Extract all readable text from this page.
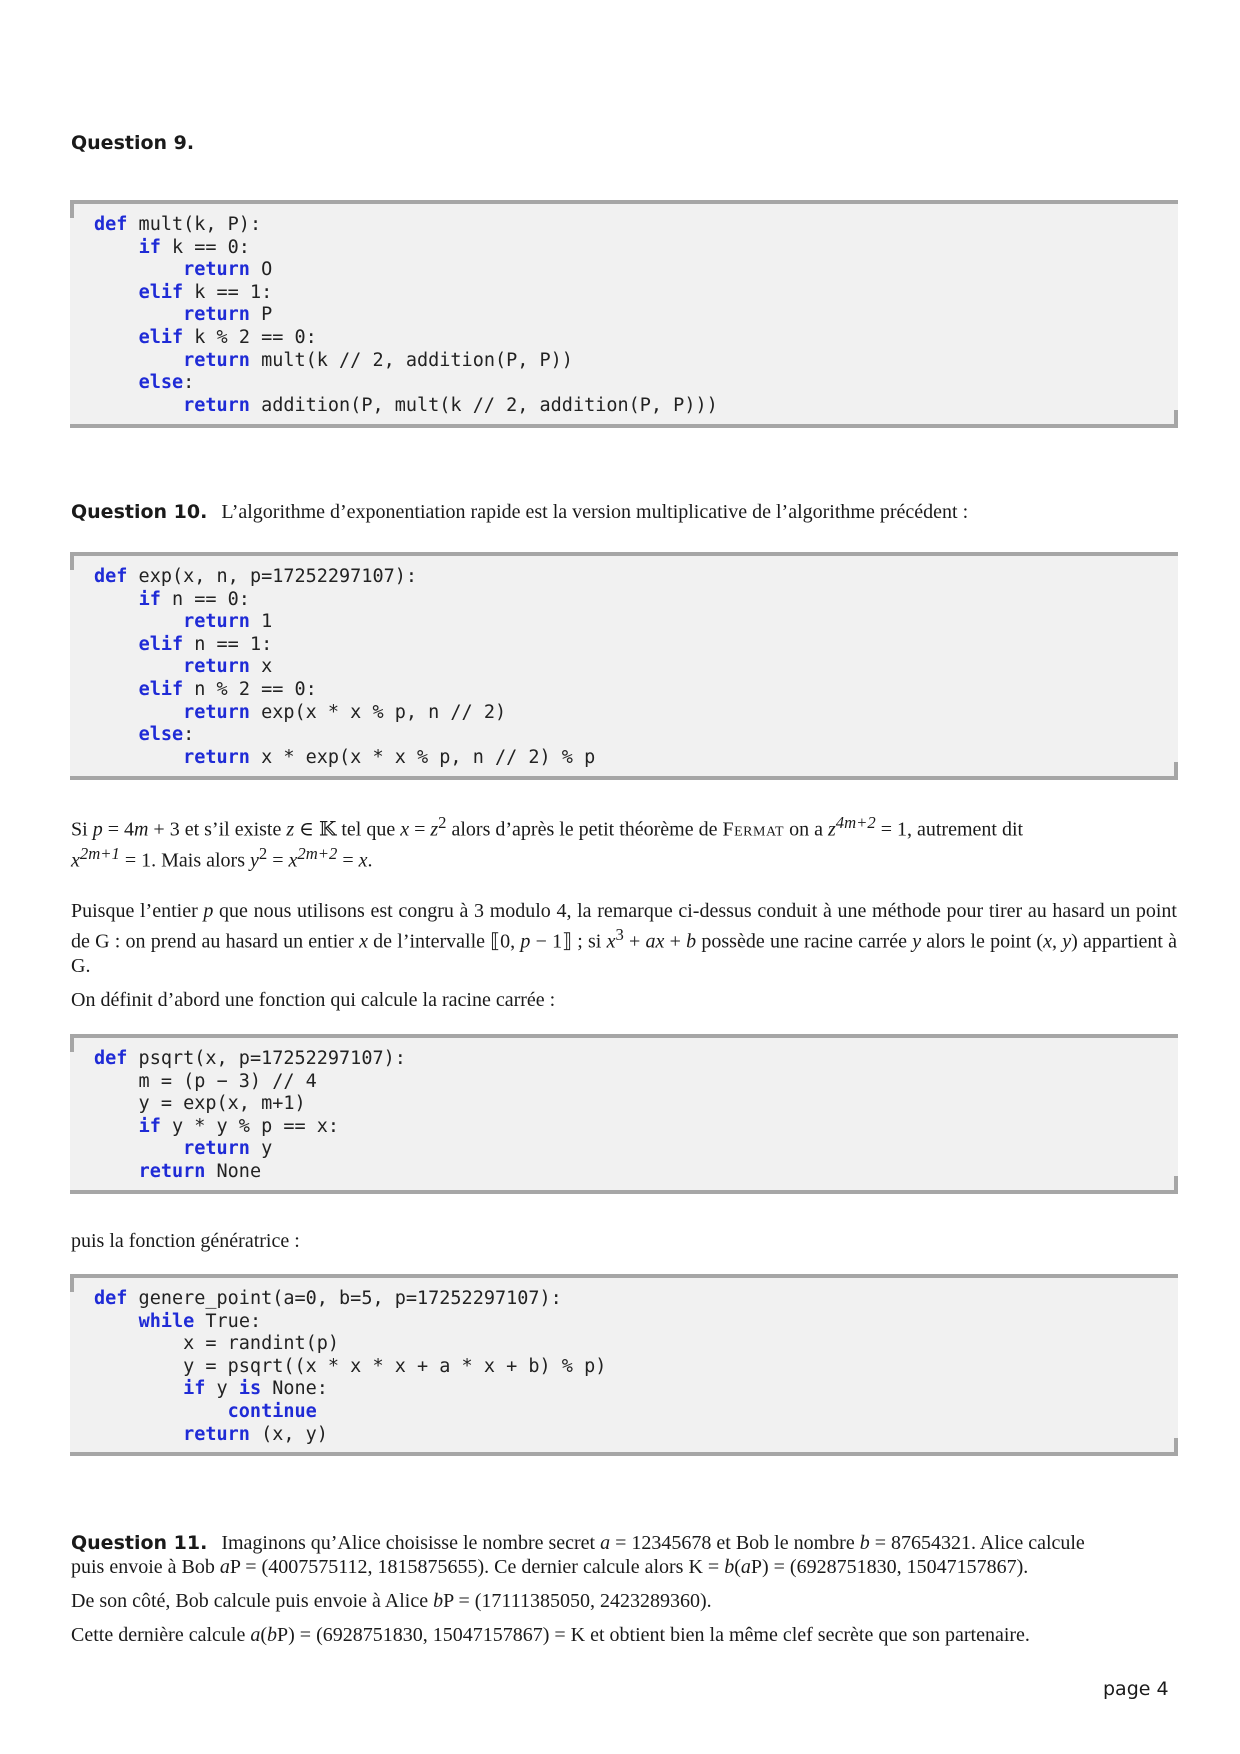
Question 9.
def mult(k, P):
if k == 0:
return O
elif k == 1:
return P
elif k % 2 == 0:
return mult(k // 2, addition(P, P))
else:
return addition(P, mult(k // 2, addition(P, P)))
Question 10. L’algorithme d’exponentiation rapide est la version multiplicative de l’algorithme précédent :
def exp(x, n, p=17252297107):
if n == 0:
return 1
elif n == 1:
return x
elif n % 2 == 0:
return exp(x * x % p, n // 2)
else:
return x * exp(x * x % p, n // 2) % p

Si p = 4m + 3 et s’il existe z ∈ 𝕂 tel que $x = z^2$ alors d’après le petit théorème de Fermat on a $z^{4m+2} = 1$, autrement dit
$x^{2m+1} = 1$. Mais alors $y^2 = x^{2m+2} = x$.

Puisque l’entier p que nous utilisons est congru à 3 modulo 4, la remarque ci-dessus conduit à une méthode pour tirer au hasard un point de G : on prend au hasard un entier x de l’intervalle ⟦0, p − 1⟧ ; si $x^3$ + ax + b possède une racine carrée y alors le point (x, y) appartient à G.

On définit d’abord une fonction qui calcule la racine carrée :

def psqrt(x, p=17252297107):
m = (p − 3) // 4
y = exp(x, m+1)
if y * y % p == x:
return y
return None
puis la fonction génératrice :
def genere_point(a=0, b=5, p=17252297107):
while True:
x = randint(p)
y = psqrt((x * x * x + a * x + b) % p)
if y is None:
continue
return (x, y)

Question 11. Imaginons qu’Alice choisisse le nombre secret a = 12345678 et Bob le nombre b = 87654321. Alice calcule
puis envoie à Bob aP = (4007575112, 1815875655). Ce dernier calcule alors K = b(aP) = (6928751830, 15047157867).

De son côté, Bob calcule puis envoie à Alice bP = (17111385050, 2423289360).

Cette dernière calcule a(bP) = (6928751830, 15047157867) = K et obtient bien la même clef secrète que son partenaire.

page 4
